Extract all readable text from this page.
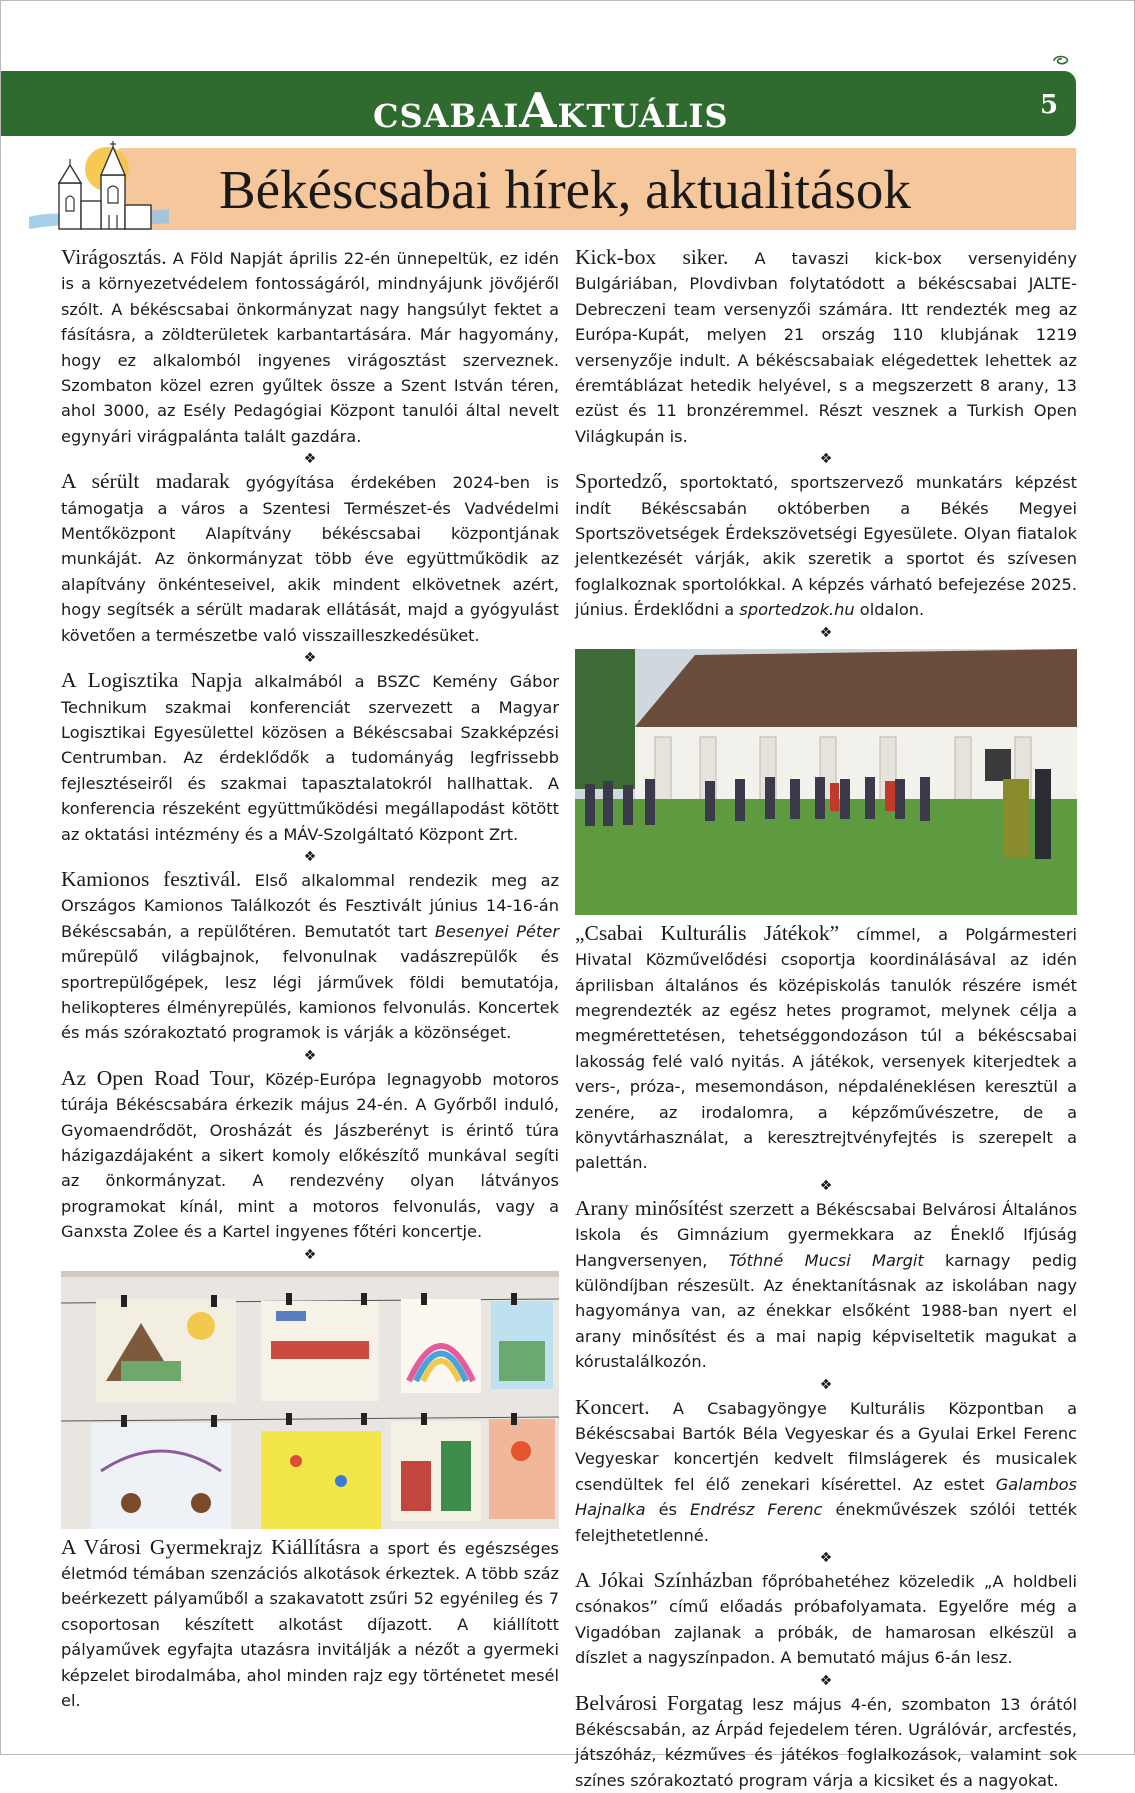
CSABAIAKTUÁLIS	5
Békéscsabai hírek, aktualitások
Virágosztás. A Föld Napját április 22-én ünnepeltük, ez idén is a környezetvédelem fontosságáról, mindnyájunk jövőjéről szólt. A békéscsabai önkormányzat nagy hangsúlyt fektet a fásításra, a zöldterületek karbantartására. Már hagyomány, hogy ez alkalomból ingyenes virágosztást szerveznek. Szombaton közel ezren gyűltek össze a Szent István téren, ahol 3000, az Esély Pedagógiai Központ tanulói által nevelt egynyári virágpalánta talált gazdára.
❖
A sérült madarak gyógyítása érdekében 2024-ben is támogatja a város a Szentesi Természet-és Vadvédelmi Mentőközpont Alapítvány békéscsabai központjának munkáját. Az önkormányzat több éve együttműködik az alapítvány önkénteseivel, akik mindent elkövetnek azért, hogy segítsék a sérült madarak ellátását, majd a gyógyulást követően a természetbe való visszailleszkedésüket.
❖
A Logisztika Napja alkalmából a BSZC Kemény Gábor Technikum szakmai konferenciát szervezett a Magyar Logisztikai Egyesülettel közösen a Békéscsabai Szakképzési Centrumban. Az érdeklődők a tudományág legfrissebb fejlesztéseiről és szakmai tapasztalatokról hallhattak. A konferencia részeként együttműködési megállapodást kötött az oktatási intézmény és a MÁV-Szolgáltató Központ Zrt.
❖
Kamionos fesztivál. Első alkalommal rendezik meg az Országos Kamionos Találkozót és Fesztivált június 14-16-án Békéscsabán, a repülőtéren. Bemutatót tart Besenyei Péter műrepülő világbajnok, felvonulnak vadászrepülők és sportrepülőgépek, lesz légi járművek földi bemutatója, helikopteres élményrepülés, kamionos felvonulás. Koncertek és más szórakoztató programok is várják a közönséget.
❖
Az Open Road Tour, Közép-Európa legnagyobb motoros túrája Békéscsabára érkezik május 24-én. A Győrből induló, Gyomaendrődöt, Orosházát és Jászberényt is érintő túra házigazdájaként a sikert komoly előkészítő munkával segíti az önkormányzat. A rendezvény olyan látványos programokat kínál, mint a motoros felvonulás, vagy a Ganxsta Zolee és a Kartel ingyenes főtéri koncertje.
❖
A Városi Gyermekrajz Kiállításra a sport és egészséges életmód témában szenzációs alkotások érkeztek. A több száz beérkezett pályaműből a szakavatott zsűri 52 egyénileg és 7 csoportosan készített alkotást díjazott. A kiállított pályaművek egyfajta utazásra invitálják a nézőt a gyermeki képzelet birodalmába, ahol minden rajz egy történetet mesél el.
Kick-box siker. A tavaszi kick-box versenyidény Bulgáriában, Plovdivban folytatódott a békéscsabai JALTE-Debreczeni team versenyzői számára. Itt rendezték meg az Európa-Kupát, melyen 21 ország 110 klubjának 1219 versenyzője indult. A békéscsabaiak elégedettek lehettek az éremtáblázat hetedik helyével, s a megszerzett 8 arany, 13 ezüst és 11 bronzéremmel. Részt vesznek a Turkish Open Világkupán is.
❖
Sportedző, sportoktató, sportszervező munkatárs képzést indít Békéscsabán októberben a Békés Megyei Sportszövetségek Érdekszövetségi Egyesülete. Olyan fiatalok jelentkezését várják, akik szeretik a sportot és szívesen foglalkoznak sportolókkal. A képzés várható befejezése 2025. június. Érdeklődni a sportedzok.hu oldalon.
❖
„Csabai Kulturális Játékok” címmel, a Polgármesteri Hivatal Közművelődési csoportja koordinálásával az idén áprilisban általános és középiskolás tanulók részére ismét megrendezték az egész hetes programot, melynek célja a megmérettetésen, tehetséggondozáson túl a békéscsabai lakosság felé való nyitás. A játékok, versenyek kiterjedtek a vers-, próza-, mesemondáson, népdaléneklésen keresztül a zenére, az irodalomra, a képzőművészetre, de a könyvtárhasználat, a keresztrejtvényfejtés is szerepelt a palettán.
❖
Arany minősítést szerzett a Békéscsabai Belvárosi Általános Iskola és Gimnázium gyermekkara az Éneklő Ifjúság Hangversenyen, Tóthné Mucsi Margit karnagy pedig különdíjban részesült. Az énektanításnak az iskolában nagy hagyománya van, az énekkar elsőként 1988-ban nyert el arany minősítést és a mai napig képviseltetik magukat a kórustalálkozón.
❖
Koncert. A Csabagyöngye Kulturális Központban a Békéscsabai Bartók Béla Vegyeskar és a Gyulai Erkel Ferenc Vegyeskar koncertjén kedvelt filmslágerek és musicalek csendültek fel élő zenekari kísérettel. Az estet Galambos Hajnalka és Endrész Ferenc énekművészek szólói tették felejthetetlenné.
❖
A Jókai Színházban főpróbahetéhez közeledik „A holdbeli csónakos” című előadás próbafolyamata. Egyelőre még a Vigadóban zajlanak a próbák, de hamarosan elkészül a díszlet a nagyszínpadon. A bemutató május 6-án lesz.
❖
Belvárosi Forgatag lesz május 4-én, szombaton 13 órától Békéscsabán, az Árpád fejedelem téren. Ugrálóvár, arcfestés, játszóház, kézműves és játékos foglalkozások, valamint sok színes szórakoztató program várja a kicsiket és a nagyokat.
